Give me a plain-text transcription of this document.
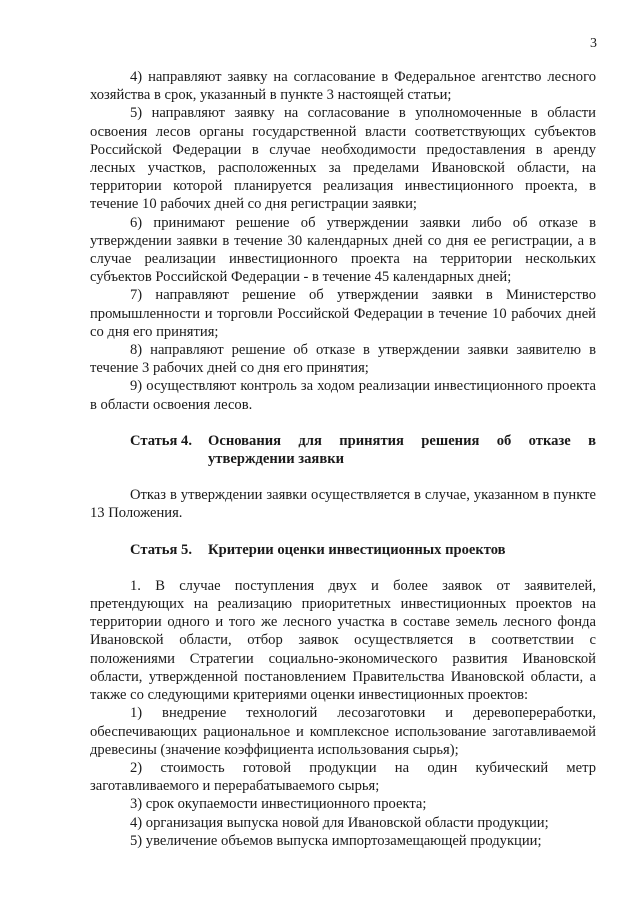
3

4) направляют заявку на согласование в Федеральное агентство лесного хозяйства в срок, указанный в пункте 3 настоящей статьи;

5) направляют заявку на согласование в уполномоченные в области освоения лесов органы государственной власти соответствующих субъектов Российской Федерации в случае необходимости предоставления в аренду лесных участков, расположенных за пределами Ивановской области, на территории которой планируется реализация инвестиционного проекта, в течение 10 рабочих дней со дня регистрации заявки;

6) принимают решение об утверждении заявки либо об отказе в утверждении заявки в течение 30 календарных дней со дня ее регистрации, а в случае реализации инвестиционного проекта на территории нескольких субъектов Российской Федерации - в течение 45 календарных дней;

7) направляют решение об утверждении заявки в Министерство промышленности и торговли Российской Федерации в течение 10 рабочих дней со дня его принятия;

8) направляют решение об отказе в утверждении заявки заявителю в течение 3 рабочих дней со дня его принятия;

9) осуществляют контроль за ходом реализации инвестиционного проекта в области освоения лесов.

Статья 4.	Основания для принятия решения об отказе в утверждении заявки

Отказ в утверждении заявки осуществляется в случае, указанном в пункте 13 Положения.

Статья 5.	Критерии оценки инвестиционных проектов

1. В случае поступления двух и более заявок от заявителей, претендующих на реализацию приоритетных инвестиционных проектов на территории одного и того же лесного участка в составе земель лесного фонда Ивановской области, отбор заявок осуществляется в соответствии с положениями Стратегии социально-экономического развития Ивановской области, утвержденной постановлением Правительства Ивановской области, а также со следующими критериями оценки инвестиционных проектов:

1) внедрение технологий лесозаготовки и деревопереработки, обеспечивающих рациональное и комплексное использование заготавливаемой древесины (значение коэффициента использования сырья);

2) стоимость готовой продукции на один кубический метр заготавливаемого и перерабатываемого сырья;

3) срок окупаемости инвестиционного проекта;

4) организация выпуска новой для Ивановской области продукции;

5) увеличение объемов выпуска импортозамещающей продукции;
